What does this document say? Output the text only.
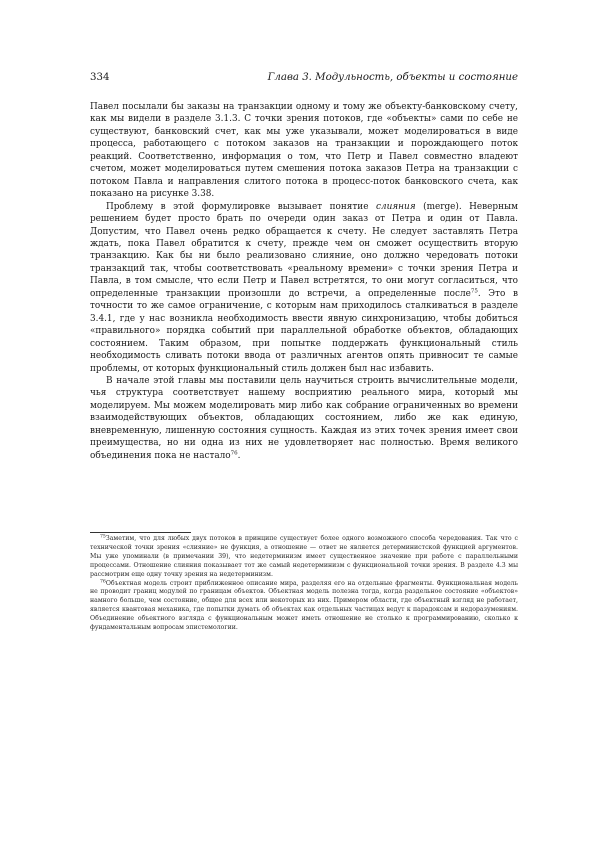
334	Глава 3. Модульность, объекты и состояние

Павел посылали бы заказы на транзакции одному и тому же объекту-банковскому счету, как мы видели в разделе 3.1.3. С точки зрения потоков, где «объекты» сами по себе не существуют, банковский счет, как мы уже указывали, может моделироваться в виде процесса, работающего с потоком заказов на транзакции и порождающего поток реакций. Соответственно, информация о том, что Петр и Павел совместно владеют счетом, может моделироваться путем смешения потока заказов Петра на транзакции с потоком Павла и направления слитого потока в процесс-поток банковского счета, как показано на рисунке 3.38.

Проблему в этой формулировке вызывает понятие слияния (merge). Неверным решением будет просто брать по очереди один заказ от Петра и один от Павла. Допустим, что Павел очень редко обращается к счету. Не следует заставлять Петра ждать, пока Павел обратится к счету, прежде чем он сможет осуществить вторую транзакцию. Как бы ни было реализовано слияние, оно должно чередовать потоки транзакций так, чтобы соответствовать «реальному времени» с точки зрения Петра и Павла, в том смысле, что если Петр и Павел встретятся, то они могут согласиться, что определенные транзакции произошли до встречи, а определенные после$^{75}$. Это в точности то же самое ограничение, с которым нам приходилось сталкиваться в разделе 3.4.1, где у нас возникла необходимость ввести явную синхронизацию, чтобы добиться «правильного» порядка событий при параллельной обработке объектов, обладающих состоянием. Таким образом, при попытке поддержать функциональный стиль необходимость сливать потоки ввода от различных агентов опять привносит те самые проблемы, от которых функциональный стиль должен был нас избавить.

В начале этой главы мы поставили цель научиться строить вычислительные модели, чья структура соответствует нашему восприятию реального мира, который мы моделируем. Мы можем моделировать мир либо как собрание ограниченных во времени взаимодействующих объектов, обладающих состоянием, либо же как единую, вневременную, лишенную состояния сущность. Каждая из этих точек зрения имеет свои преимущества, но ни одна из них не удовлетворяет нас полностью. Время великого объединения пока не настало$^{76}$.

$^{75}$Заметим, что для любых двух потоков в принципе существует более одного возможного способа чередования. Так что с технической точки зрения «слияние» не функция, а отношение — ответ не является детерминистской функцией аргументов. Мы уже упоминали (в примечании 39), что недетерминизм имеет существенное значение при работе с параллельными процессами. Отношение слияния показывает тот же самый недетерминизм с функциональной точки зрения. В разделе 4.3 мы рассмотрим еще одну точку зрения на недетерминизм.

$^{76}$Объектная модель строит приближенное описание мира, разделяя его на отдельные фрагменты. Функциональная модель не проводит границ модулей по границам объектов. Объектная модель полезна тогда, когда раздельное состояние «объектов» намного больше, чем состояние, общее для всех или некоторых из них. Примером области, где объектный взгляд не работает, является квантовая механика, где попытки думать об объектах как отдельных частицах ведут к парадоксам и недоразумениям. Объединение объектного взгляда с функциональным может иметь отношение не столько к программированию, сколько к фундаментальным вопросам эпистемологии.
